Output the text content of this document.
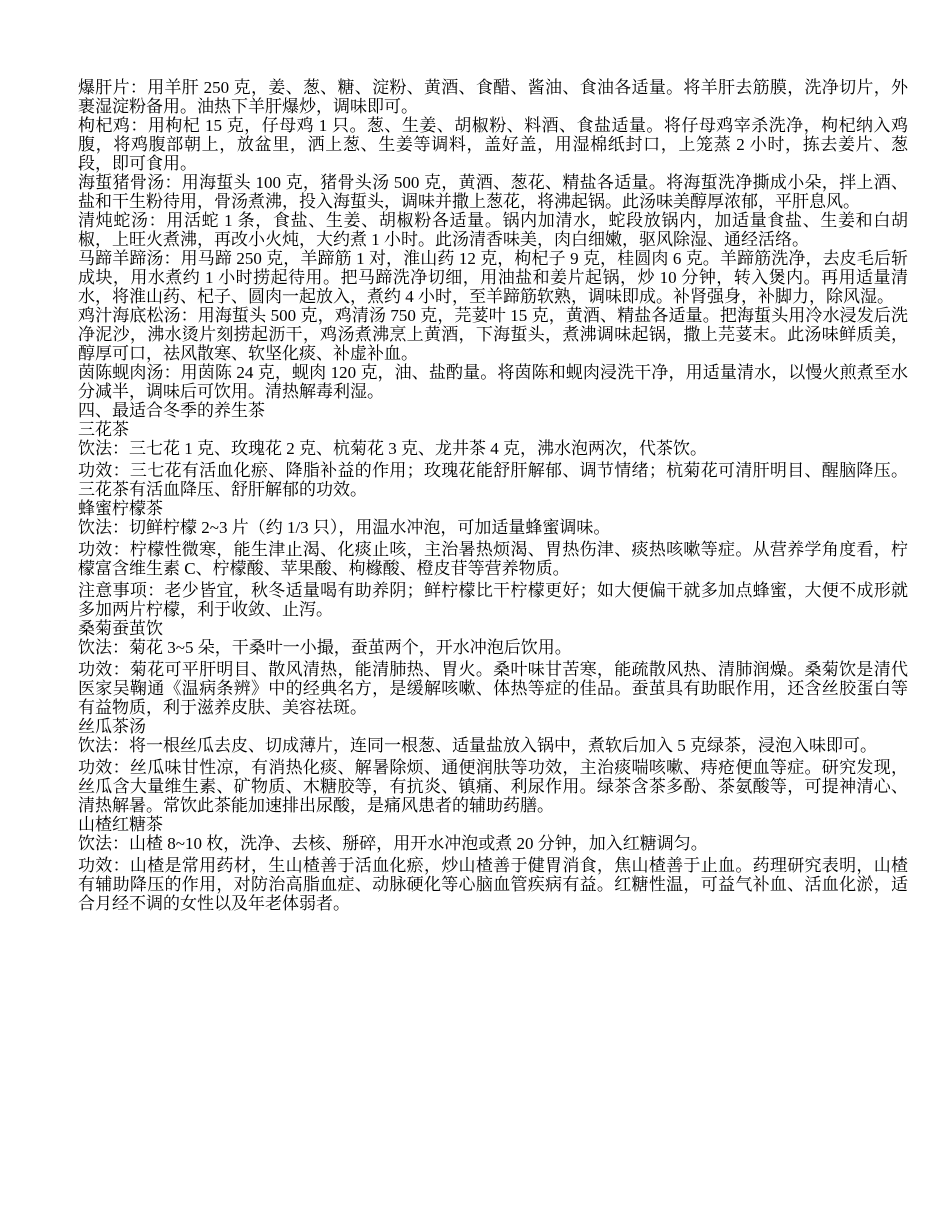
爆肝片：用羊肝 250 克，姜、葱、糖、淀粉、黄酒、食醋、酱油、食油各适量。将羊肝去筋膜，洗净切片，外裹湿淀粉备用。油热下羊肝爆炒，调味即可。

枸杞鸡：用枸杞 15 克，仔母鸡 1 只。葱、生姜、胡椒粉、料酒、食盐适量。将仔母鸡宰杀洗净，枸杞纳入鸡腹，将鸡腹部朝上，放盆里，洒上葱、生姜等调料，盖好盖，用湿棉纸封口，上笼蒸 2 小时，拣去姜片、葱段，即可食用。

海蜇猪骨汤：用海蜇头 100 克，猪骨头汤 500 克，黄酒、葱花、精盐各适量。将海蜇洗净撕成小朵，拌上酒、盐和干生粉待用，骨汤煮沸，投入海蜇头，调味并撒上葱花，将沸起锅。此汤味美醇厚浓郁，平肝息风。

清炖蛇汤：用活蛇 1 条，食盐、生姜、胡椒粉各适量。锅内加清水，蛇段放锅内，加适量食盐、生姜和白胡椒，上旺火煮沸，再改小火炖，大约煮 1 小时。此汤清香味美，肉白细嫩，驱风除湿、通经活络。

马蹄羊蹄汤：用马蹄 250 克，羊蹄筋 1 对，淮山药 12 克，枸杞子 9 克，桂圆肉 6 克。羊蹄筋洗净，去皮毛后斩成块，用水煮约 1 小时捞起待用。把马蹄洗净切细，用油盐和姜片起锅，炒 10 分钟，转入煲内。再用适量清水，将淮山药、杞子、圆肉一起放入，煮约 4 小时，至羊蹄筋软熟，调味即成。补肾强身，补脚力，除风湿。

鸡汁海底松汤：用海蜇头 500 克，鸡清汤 750 克，芫荽叶 15 克，黄酒、精盐各适量。把海蜇头用冷水浸发后洗净泥沙，沸水烫片刻捞起沥干，鸡汤煮沸烹上黄酒，下海蜇头，煮沸调味起锅，撒上芫荽末。此汤味鲜质美，醇厚可口，祛风散寒、软坚化痰、补虚补血。

茵陈蚬肉汤：用茵陈 24 克，蚬肉 120 克，油、盐酌量。将茵陈和蚬肉浸洗干净，用适量清水，以慢火煎煮至水分减半，调味后可饮用。清热解毒利湿。

四、最适合冬季的养生茶

三花茶

饮法：三七花 1 克、玫瑰花 2 克、杭菊花 3 克、龙井茶 4 克，沸水泡两次，代茶饮。

功效：三七花有活血化瘀、降脂补益的作用；玫瑰花能舒肝解郁、调节情绪；杭菊花可清肝明目、醒脑降压。三花茶有活血降压、舒肝解郁的功效。

蜂蜜柠檬茶

饮法：切鲜柠檬 2~3 片（约 1/3 只），用温水冲泡，可加适量蜂蜜调味。

功效：柠檬性微寒，能生津止渴、化痰止咳，主治暑热烦渴、胃热伤津、痰热咳嗽等症。从营养学角度看，柠檬富含维生素 C、柠檬酸、苹果酸、枸橼酸、橙皮苷等营养物质。

注意事项：老少皆宜，秋冬适量喝有助养阴；鲜柠檬比干柠檬更好；如大便偏干就多加点蜂蜜，大便不成形就多加两片柠檬，利于收敛、止泻。

桑菊蚕茧饮

饮法：菊花 3~5 朵，干桑叶一小撮，蚕茧两个，开水冲泡后饮用。

功效：菊花可平肝明目、散风清热，能清肺热、胃火。桑叶味甘苦寒，能疏散风热、清肺润燥。桑菊饮是清代医家吴鞠通《温病条辨》中的经典名方，是缓解咳嗽、体热等症的佳品。蚕茧具有助眠作用，还含丝胶蛋白等有益物质，利于滋养皮肤、美容祛斑。

丝瓜茶汤

饮法：将一根丝瓜去皮、切成薄片，连同一根葱、适量盐放入锅中，煮软后加入 5 克绿茶，浸泡入味即可。

功效：丝瓜味甘性凉，有消热化痰、解暑除烦、通便润肤等功效，主治痰喘咳嗽、痔疮便血等症。研究发现，丝瓜含大量维生素、矿物质、木糖胶等，有抗炎、镇痛、利尿作用。绿茶含茶多酚、茶氨酸等，可提神清心、清热解暑。常饮此茶能加速排出尿酸，是痛风患者的辅助药膳。

山楂红糖茶

饮法：山楂 8~10 枚，洗净、去核、掰碎，用开水冲泡或煮 20 分钟，加入红糖调匀。

功效：山楂是常用药材，生山楂善于活血化瘀，炒山楂善于健胃消食，焦山楂善于止血。药理研究表明，山楂有辅助降压的作用，对防治高脂血症、动脉硬化等心脑血管疾病有益。红糖性温，可益气补血、活血化淤，适合月经不调的女性以及年老体弱者。
